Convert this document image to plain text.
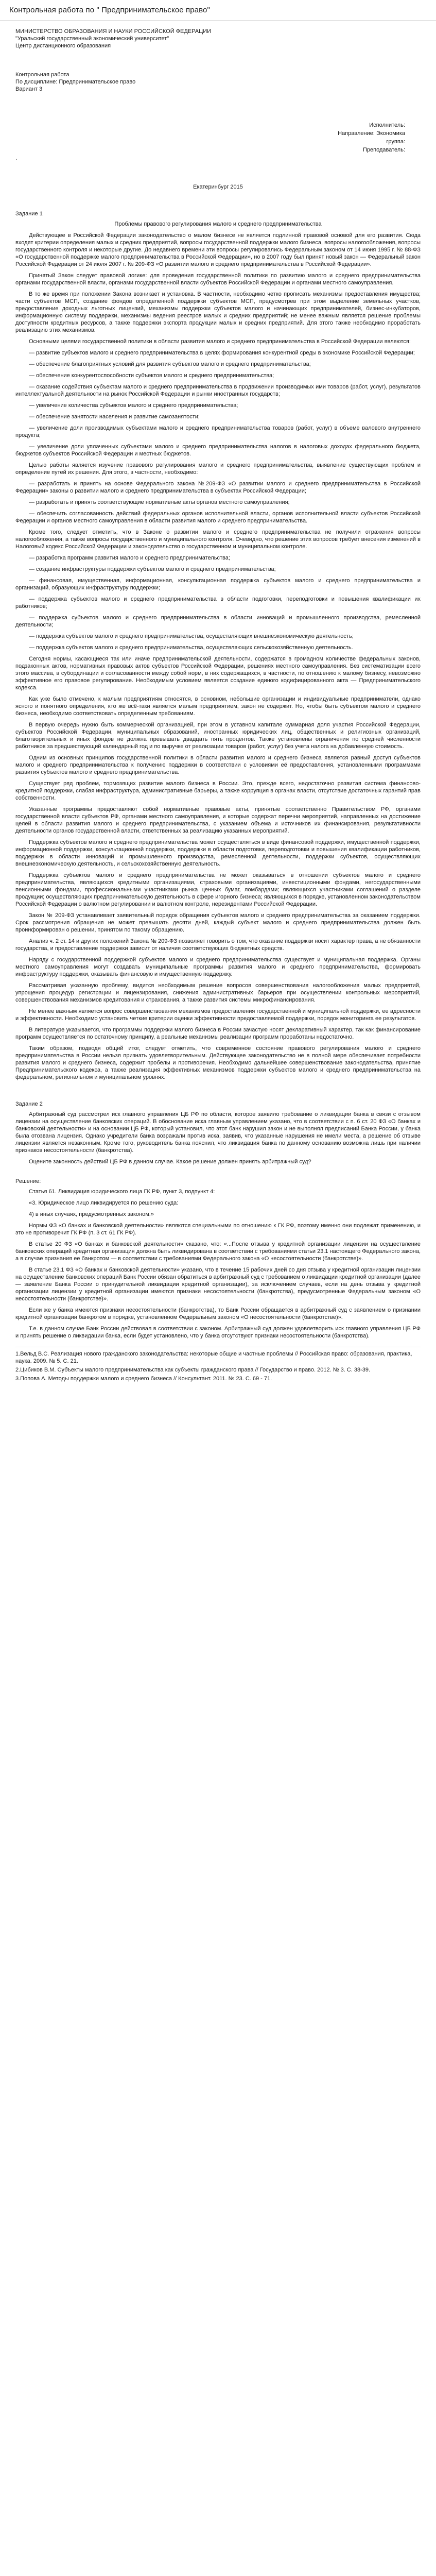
Контрольная работа по " Предпринимательское право"
МИНИСТЕРСТВО ОБРАЗОВАНИЯ И НАУКИ РОССИЙСКОЙ ФЕДЕРАЦИИ
"Уральский государственный экономический университет"
Центр дистанционного образования
Контрольная работа
По дисциплине: Предпринимательское право
Вариант 3
Исполнитель:
Направление: Экономика
группа:
Преподаватель:
.
Екатеринбург 2015
Задание 1

Проблемы правового регулирования малого и среднего предпринимательства

Действующее в Российской Федерации законодательство о малом бизнесе не является подлинной правовой основой для его развития. Сюда входят критерии определения малых и средних предприятий, вопросы государственной поддержки малого бизнеса, вопросы налогообложения, вопросы государственного контроля и некоторые другие. До недавнего времени эти вопросы регулировались Федеральным законом от 14 июня 1995 г. № 88-ФЗ «О государственной поддержке малого предпринимательства в Российской Федерации», но в 2007 году был принят новый закон — Федеральный закон Российской Федерации от 24 июля 2007 г. № 209-ФЗ «О развитии малого и среднего предпринимательства в Российской Федерации».

Принятый Закон следует правовой логике: для проведения государственной политики по развитию малого и среднего предпринимательства органами государственной власти, органами государственной власти субъектов Российской Федерации и органами местного самоуправления.

В то же время при положении Закона возникает и установка. В частности, необходимо четко прописать механизмы предоставления имущества; части субъектов МСП, создание фондов определенной поддержки субъектов МСП, предусмотрев при этом выделение земельных участков, предоставление доходных льготных лицензий, механизмы поддержки субъектов малого и начинающих предпринимателей, бизнес-инкубаторов, информационную систему поддержки, механизмы ведения реестров малых и средних предприятий; не менее важным является решение проблемы доступности кредитных ресурсов, а также поддержки экспорта продукции малых и средних предприятий. Для этого также необходимо проработать реализацию этих механизмов.

Основными целями государственной политики в области развития малого и среднего предпринимательства в Российской Федерации являются:

— развитие субъектов малого и среднего предпринимательства в целях формирования конкурентной среды в экономике Российской Федерации;

— обеспечение благоприятных условий для развития субъектов малого и среднего предпринимательства;

— обеспечение конкурентоспособности субъектов малого и среднего предпринимательства;

— оказание содействия субъектам малого и среднего предпринимательства в продвижении производимых ими товаров (работ, услуг), результатов интеллектуальной деятельности на рынок Российской Федерации и рынки иностранных государств;

— увеличение количества субъектов малого и среднего предпринимательства;

— обеспечение занятости населения и развитие самозанятости;

— увеличение доли производимых субъектами малого и среднего предпринимательства товаров (работ, услуг) в объеме валового внутреннего продукта;

— увеличение доли уплаченных субъектами малого и среднего предпринимательства налогов в налоговых доходах федерального бюджета, бюджетов субъектов Российской Федерации и местных бюджетов.

Целью работы является изучение правового регулирования малого и среднего предпринимательства, выявление существующих проблем и определение путей их решения. Для этого, в частности, необходимо:

— разработать и принять на основе Федерального закона №209-ФЗ «О развитии малого и среднего предпринимательства в Российской Федерации» законы о развитии малого и среднего предпринимательства в субъектах Российской Федерации;

— разработать и принять соответствующие нормативные акты органов местного самоуправления;

— обеспечить согласованность действий федеральных органов исполнительной власти, органов исполнительной власти субъектов Российской Федерации и органов местного самоуправления в области развития малого и среднего предпринимательства.

Кроме того, следует отметить, что в Законе о развитии малого и среднего предпринимательства не получили отражения вопросы налогообложения, а также вопросы государственного и муниципального контроля. Очевидно, что решение этих вопросов требует внесения изменений в Налоговый кодекс Российской Федерации и законодательство о государственном и муниципальном контроле.

— разработка программ развития малого и среднего предпринимательства;

— создание инфраструктуры поддержки субъектов малого и среднего предпринимательства;

— финансовая, имущественная, информационная, консультационная поддержка субъектов малого и среднего предпринимательства и организаций, образующих инфраструктуру поддержки;

— поддержка субъектов малого и среднего предпринимательства в области подготовки, переподготовки и повышения квалификации их работников;

— поддержка субъектов малого и среднего предпринимательства в области инноваций и промышленного производства, ремесленной деятельности;

— поддержка субъектов малого и среднего предпринимательства, осуществляющих внешнеэкономическую деятельность;

— поддержка субъектов малого и среднего предпринимательства, осуществляющих сельскохозяйственную деятельность.

Сегодня нормы, касающиеся так или иначе предпринимательской деятельности, содержатся в громадном количестве федеральных законов, подзаконных актов, нормативных правовых актов субъектов Российской Федерации, решениях местного самоуправления. Без систематизации всего этого массива, в субординации и согласованности между собой норм, в них содержащихся, в частности, по отношению к малому бизнесу, невозможно эффективное его правовое регулирование. Необходимым условием является создание единого кодифицированного акта — Предпринимательского кодекса.

Как уже было отмечено, к малым предприятиям относятся, в основном, небольшие организации и индивидуальные предприниматели, однако ясного и понятного определения, кто же всё-таки является малым предприятием, закон не содержит. Но, чтобы быть субъектом малого и среднего бизнеса, необходимо соответствовать определенным требованиям.

В первую очередь нужно быть коммерческой организацией, при этом в уставном капитале суммарная доля участия Российской Федерации, субъектов Российской Федерации, муниципальных образований, иностранных юридических лиц, общественных и религиозных организаций, благотворительных и иных фондов не должна превышать двадцать пять процентов. Также установлены ограничения по средней численности работников за предшествующий календарный год и по выручке от реализации товаров (работ, услуг) без учета налога на добавленную стоимость.

Одним из основных принципов государственной политики в области развития малого и среднего бизнеса является равный доступ субъектов малого и среднего предпринимательства к получению поддержки в соответствии с условиями её предоставления, установленными программами развития субъектов малого и среднего предпринимательства.

Существует ряд проблем, тормозящих развитие малого бизнеса в России. Это, прежде всего, недостаточно развитая система финансово-кредитной поддержки, слабая инфраструктура, административные барьеры, а также коррупция в органах власти, отсутствие достаточных гарантий прав собственности.

Указанные программы предоставляют собой нормативные правовые акты, принятые соответственно Правительством РФ, органами государственной власти субъектов РФ, органами местного самоуправления, и которые содержат перечни мероприятий, направленных на достижение целей в области развития малого и среднего предпринимательства, с указанием объема и источников их финансирования, результативности деятельности органов государственной власти, ответственных за реализацию указанных мероприятий.

Поддержка субъектов малого и среднего предпринимательства может осуществляться в виде финансовой поддержки, имущественной поддержки, информационной поддержки, консультационной поддержки, поддержки в области подготовки, переподготовки и повышения квалификации работников, поддержки в области инноваций и промышленного производства, ремесленной деятельности, поддержки субъектов, осуществляющих внешнеэкономическую деятельность, и сельскохозяйственную деятельность.

Поддержка субъектов малого и среднего предпринимательства не может оказываться в отношении субъектов малого и среднего предпринимательства, являющихся кредитными организациями, страховыми организациями, инвестиционными фондами, негосударственными пенсионными фондами, профессиональными участниками рынка ценных бумаг, ломбардами; являющихся участниками соглашений о разделе продукции; осуществляющих предпринимательскую деятельность в сфере игорного бизнеса; являющихся в порядке, установленном законодательством Российской Федерации о валютном регулировании и валютном контроле, нерезидентами Российской Федерации.

Закон № 209-ФЗ устанавливает заявительный порядок обращения субъектов малого и среднего предпринимательства за оказанием поддержки. Срок рассмотрения обращения не может превышать десяти дней, каждый субъект малого и среднего предпринимательства должен быть проинформирован о решении, принятом по такому обращению.

Анализ ч. 2 ст. 14 и других положений Закона № 209-ФЗ позволяет говорить о том, что оказание поддержки носит характер права, а не обязанности государства, и предоставление поддержки зависит от наличия соответствующих бюджетных средств.

Наряду с государственной поддержкой субъектов малого и среднего предпринимательства существует и муниципальная поддержка. Органы местного самоуправления могут создавать муниципальные программы развития малого и среднего предпринимательства, формировать инфраструктуру поддержки, оказывать финансовую и имущественную поддержку.

Рассматривая указанную проблему, видится необходимым решение вопросов совершенствования налогообложения малых предприятий, упрощения процедур регистрации и лицензирования, снижения административных барьеров при осуществлении контрольных мероприятий, совершенствования механизмов кредитования и страхования, а также развития системы микрофинансирования.

Не менее важным является вопрос совершенствования механизмов предоставления государственной и муниципальной поддержки, ее адресности и эффективности. Необходимо установить четкие критерии оценки эффективности предоставляемой поддержки, порядок мониторинга ее результатов.

В литературе указывается, что программы поддержки малого бизнеса в России зачастую носят декларативный характер, так как финансирование программ осуществляется по остаточному принципу, а реальные механизмы реализации программ проработаны недостаточно.

Таким образом, подводя общий итог, следует отметить, что современное состояние правового регулирования малого и среднего предпринимательства в России нельзя признать удовлетворительным. Действующее законодательство не в полной мере обеспечивает потребности развития малого и среднего бизнеса, содержит пробелы и противоречия. Необходимо дальнейшее совершенствование законодательства, принятие Предпринимательского кодекса, а также реализация эффективных механизмов поддержки субъектов малого и среднего предпринимательства на федеральном, региональном и муниципальном уровнях.

Задание 2

Арбитражный суд рассмотрел иск главного управления ЦБ РФ по области, которое заявило требование о ликвидации банка в связи с отзывом лицензии на осуществление банковских операций. В обоснование иска главным управлением указано, что в соответствии с п. 6 ст. 20 ФЗ «О банках и банковской деятельности» и на основании ЦБ РФ, который установил, что этот банк нарушил закон и не выполнял предписаний Банка России, у банка была отозвана лицензия. Однако учредители банка возражали против иска, заявив, что указанные нарушения не имели места, а решение об отзыве лицензии является незаконным. Кроме того, руководитель банка пояснил, что ликвидация банка по данному основанию возможна лишь при наличии признаков несостоятельности (банкротства).

Оцените законность действий ЦБ РФ в данном случае. Какое решение должен принять арбитражный суд?

Решение:

Статья 61. Ликвидация юридического лица ГК РФ, пункт 3, подпункт 4:

«3. Юридическое лицо ликвидируется по решению суда:

4) в иных случаях, предусмотренных законом.»

Нормы ФЗ «О банках и банковской деятельности» являются специальными по отношению к ГК РФ, поэтому именно они подлежат применению, и это не противоречит ГК РФ (п. 3 ст. 61 ГК РФ).

В статье 20 ФЗ «О банках и банковской деятельности» сказано, что: «...После отзыва у кредитной организации лицензии на осуществление банковских операций кредитная организация должна быть ликвидирована в соответствии с требованиями статьи 23.1 настоящего Федерального закона, а в случае признания ее банкротом — в соответствии с требованиями Федерального закона «О несостоятельности (банкротстве)».

В статье 23.1 ФЗ «О банках и банковской деятельности» указано, что в течение 15 рабочих дней со дня отзыва у кредитной организации лицензии на осуществление банковских операций Банк России обязан обратиться в арбитражный суд с требованием о ликвидации кредитной организации (далее — заявление Банка России о принудительной ликвидации кредитной организации), за исключением случаев, если на день отзыва у кредитной организации лицензии у кредитной организации имеются признаки несостоятельности (банкротства), предусмотренные Федеральным законом «О несостоятельности (банкротстве)».

Если же у банка имеются признаки несостоятельности (банкротства), то Банк России обращается в арбитражный суд с заявлением о признании кредитной организации банкротом в порядке, установленном Федеральным законом «О несостоятельности (банкротстве)».

Т.е. в данном случае Банк России действовал в соответствии с законом. Арбитражный суд должен удовлетворить иск главного управления ЦБ РФ и принять решение о ликвидации банка, если будет установлено, что у банка отсутствуют признаки несостоятельности (банкротства).

1.Вельд В.С. Реализация нового гражданского законодательства: некоторые общие и частные проблемы // Российская право: образования, практика, наука. 2009. № 5. С. 21.
2.Цибиков В.М. Субъекты малого предпринимательства как субъекты гражданского права // Государство и право. 2012. № 3. С. 38-39.
3.Попова А. Методы поддержки малого и среднего бизнеса // Консультант. 2011. № 23. С. 69 - 71.
